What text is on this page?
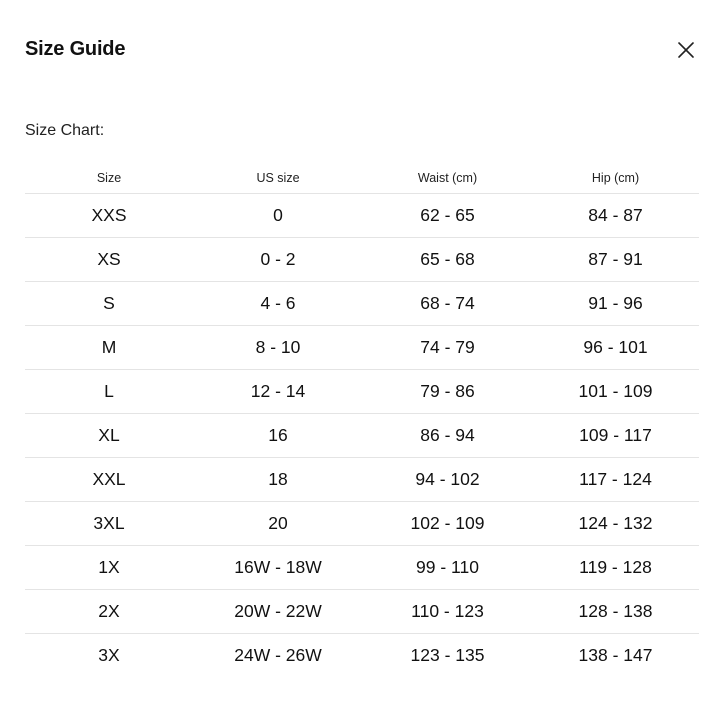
Size Guide
Size Chart:
Size	US size	Waist (cm)	Hip (cm)
XXS	0	62 - 65	84 - 87
XS	0 - 2	65 - 68	87 - 91
S	4 - 6	68 - 74	91 - 96
M	8 - 10	74 - 79	96 - 101
L	12 - 14	79 - 86	101 - 109
XL	16	86 - 94	109 - 117
XXL	18	94 - 102	117 - 124
3XL	20	102 - 109	124 - 132
1X	16W - 18W	99 - 110	119 - 128
2X	20W - 22W	110 - 123	128 - 138
3X	24W - 26W	123 - 135	138 - 147
